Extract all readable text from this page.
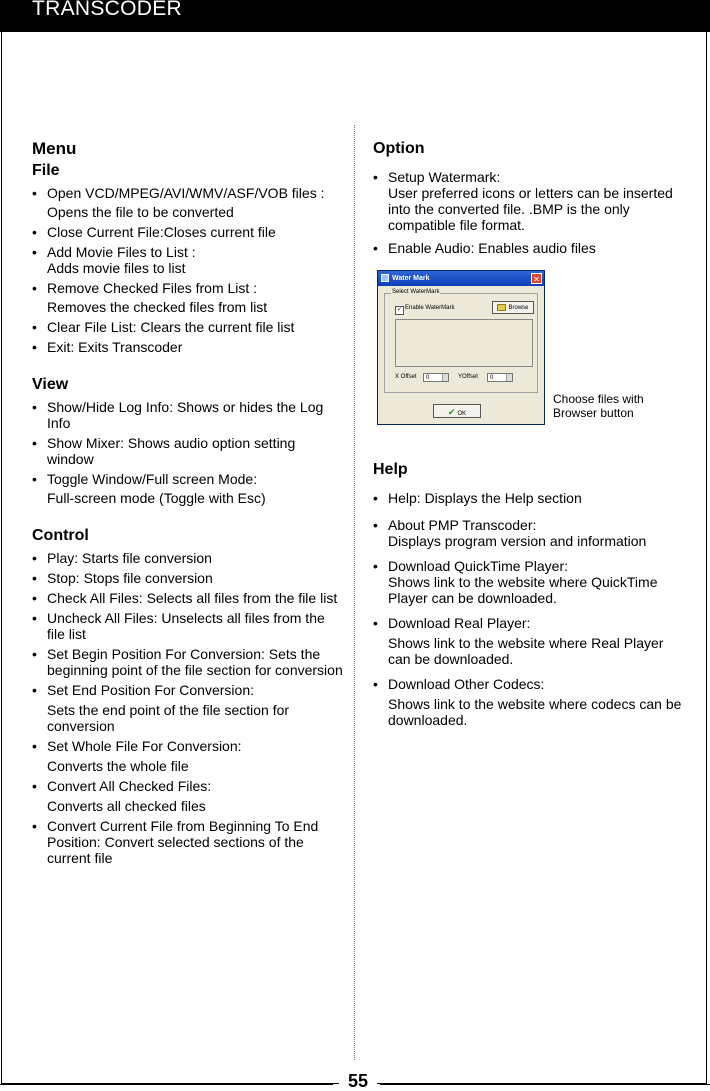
TRANSCODER
Menu
File
• Open VCD/MPEG/AVI/WMV/ASF/VOB files :
Opens the file to be converted
• Close Current File:Closes current file
• Add Movie Files to List :
Adds movie files to list
• Remove Checked Files from List :
Removes the checked files from list
• Clear File List: Clears the current file list
• Exit: Exits Transcoder
View
• Show/Hide Log Info: Shows or hides the Log Info
• Show Mixer: Shows audio option setting window
• Toggle Window/Full screen Mode:
Full-screen mode (Toggle with Esc)
Control
• Play: Starts file conversion
• Stop: Stops file conversion
• Check All Files: Selects all files from the file list
• Uncheck All Files: Unselects all files from the file list
• Set Begin Position For Conversion: Sets the beginning point of the file section for conversion
• Set End Position For Conversion:
Sets the end point of the file section for conversion
• Set Whole File For Conversion:
Converts the whole file
• Convert All Checked Files:
Converts all checked files
• Convert Current File from Beginning To End Position: Convert selected sections of the current file
Option
• Setup Watermark:
User preferred icons or letters can be inserted into the converted file. .BMP is the only compatible file format.
• Enable Audio: Enables audio files
Help
• Help: Displays the Help section
• About PMP Transcoder:
Displays program version and information
• Download QuickTime Player:
Shows link to the website where QuickTime Player can be downloaded.
• Download Real Player:
Shows link to the website where Real Player can be downloaded.
• Download Other Codecs:
Shows link to the website where codecs can be downloaded.
Water Mark	✕
Select WaterMark
✓ Enable WaterMark	Browse
X Offset	0	YOffset	0
✔ OK
Choose files with Browser button
55
